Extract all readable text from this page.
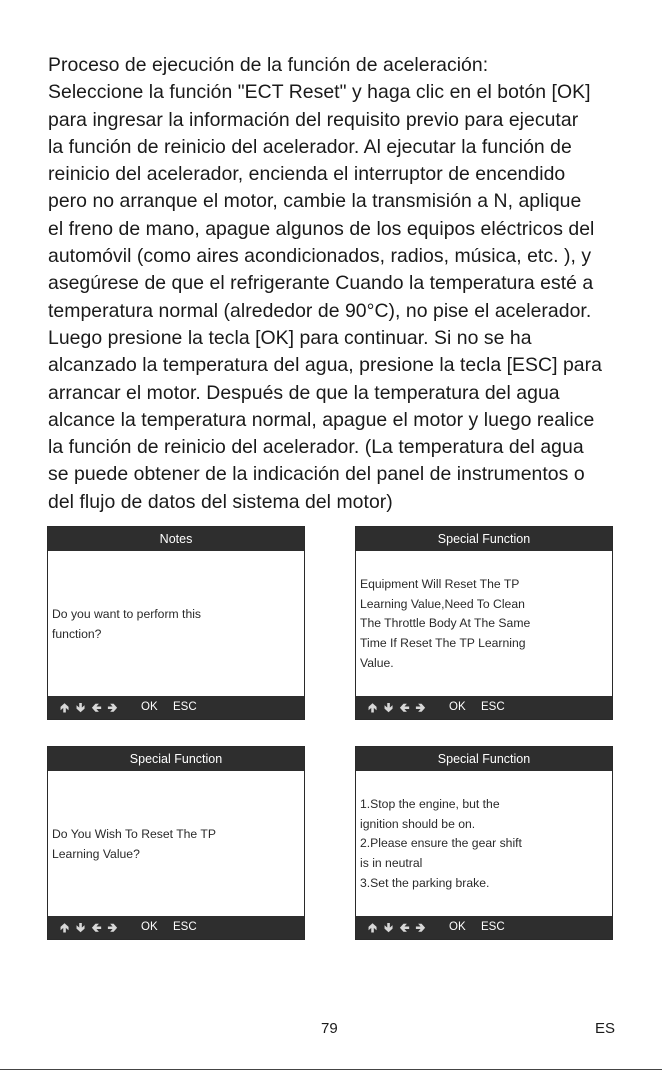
Proceso de ejecución de la función de aceleración:
Seleccione la función "ECT Reset" y haga clic en el botón [OK]
para ingresar la información del requisito previo para ejecutar
la función de reinicio del acelerador. Al ejecutar la función de
reinicio del acelerador, encienda el interruptor de encendido
pero no arranque el motor, cambie la transmisión a N, aplique
el freno de mano, apague algunos de los equipos eléctricos del
automóvil (como aires acondicionados, radios, música, etc. ), y
asegúrese de que el refrigerante Cuando la temperatura esté a
temperatura normal (alrededor de 90°C), no pise el acelerador.
Luego presione la tecla [OK] para continuar. Si no se ha
alcanzado la temperatura del agua, presione la tecla [ESC] para
arrancar el motor. Después de que la temperatura del agua
alcance la temperatura normal, apague el motor y luego realice
la función de reinicio del acelerador. (La temperatura del agua
se puede obtener de la indicación del panel de instrumentos o
del flujo de datos del sistema del motor)
Notes
Do you want to perform this
function?
🢁 🢃 🢀 🢂 OK ESC
Special Function
Equipment Will Reset The TP
Learning Value,Need To Clean
The Throttle Body At The Same
Time If Reset The TP Learning
Value.
🢁 🢃 🢀 🢂 OK ESC
Special Function
Do You Wish To Reset The TP
Learning Value?
🢁 🢃 🢀 🢂 OK ESC
Special Function
1.Stop the engine, but the
ignition should be on.
2.Please ensure the gear shift
is in neutral
3.Set the parking brake.
🢁 🢃 🢀 🢂 OK ESC
79	ES
